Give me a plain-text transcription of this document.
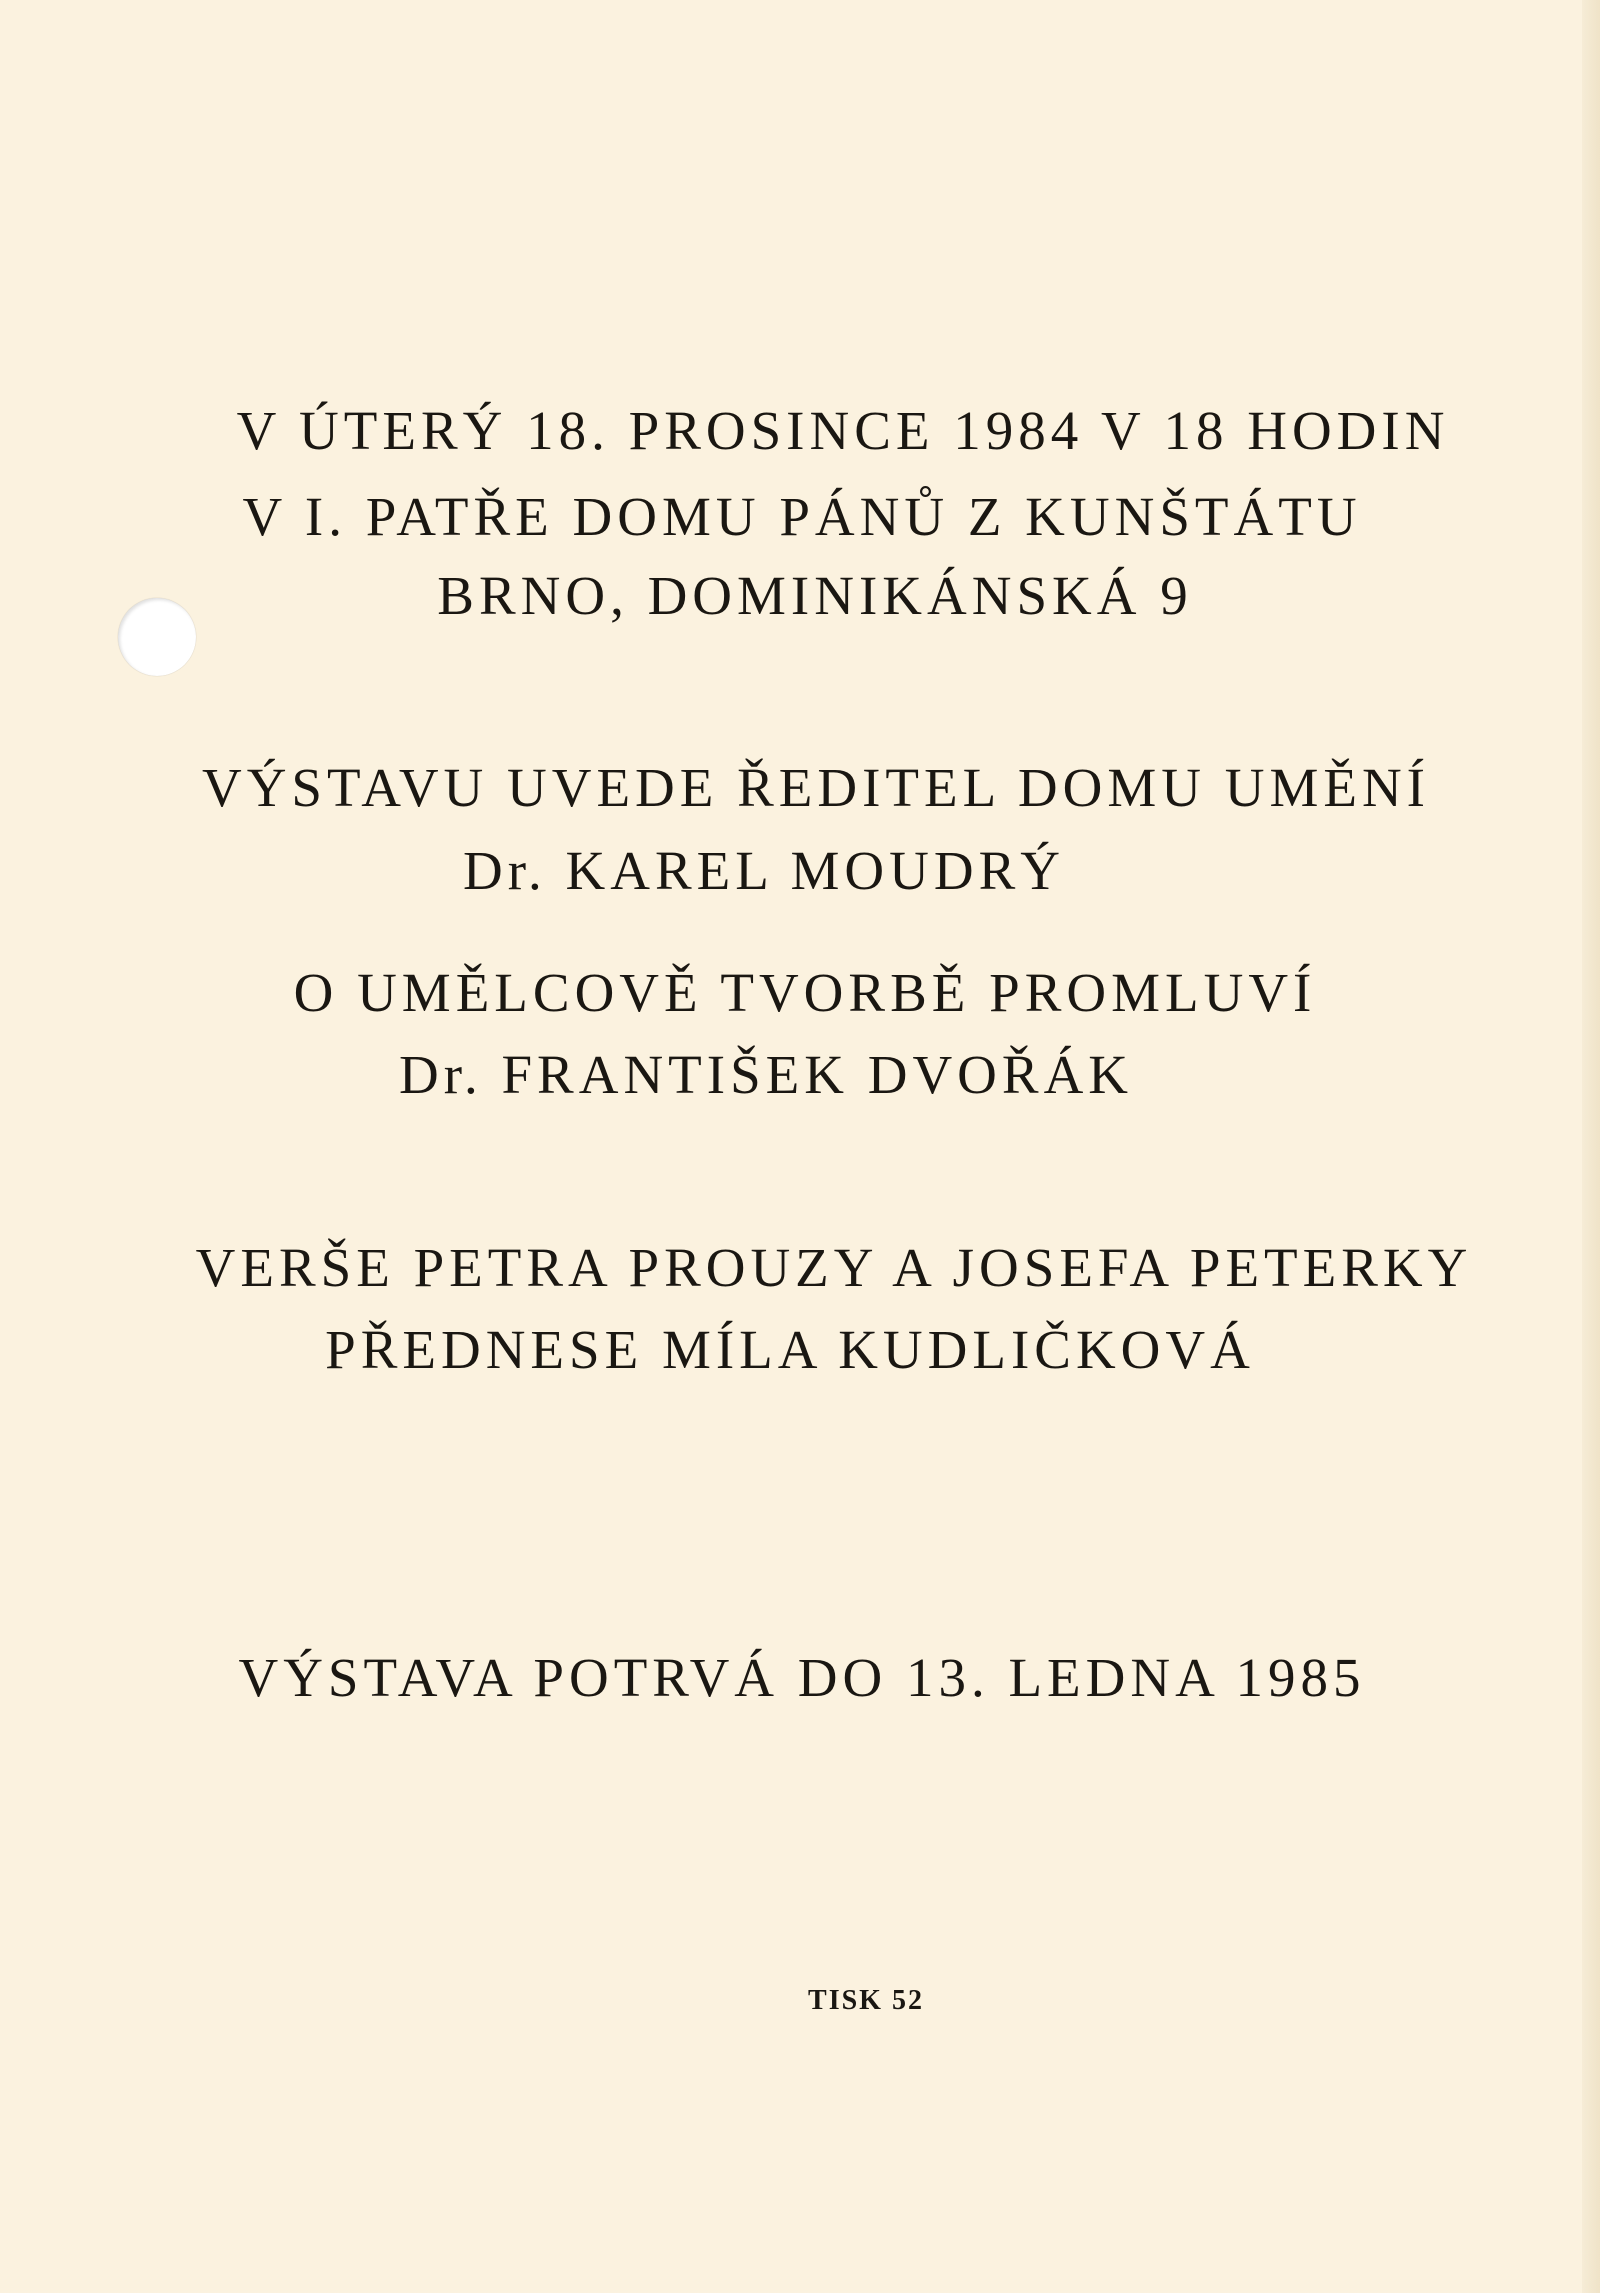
V ÚTERÝ 18. PROSINCE 1984 V 18 HODIN
V I. PATŘE DOMU PÁNŮ Z KUNŠTÁTU
BRNO, DOMINIKÁNSKÁ 9
VÝSTAVU UVEDE ŘEDITEL DOMU UMĚNÍ
Dr. KAREL MOUDRÝ
O UMĚLCOVĚ TVORBĚ PROMLUVÍ
Dr. FRANTIŠEK DVOŘÁK
VERŠE PETRA PROUZY A JOSEFA PETERKY
PŘEDNESE MÍLA KUDLIČKOVÁ
VÝSTAVA POTRVÁ DO 13. LEDNA 1985
TISK 52
